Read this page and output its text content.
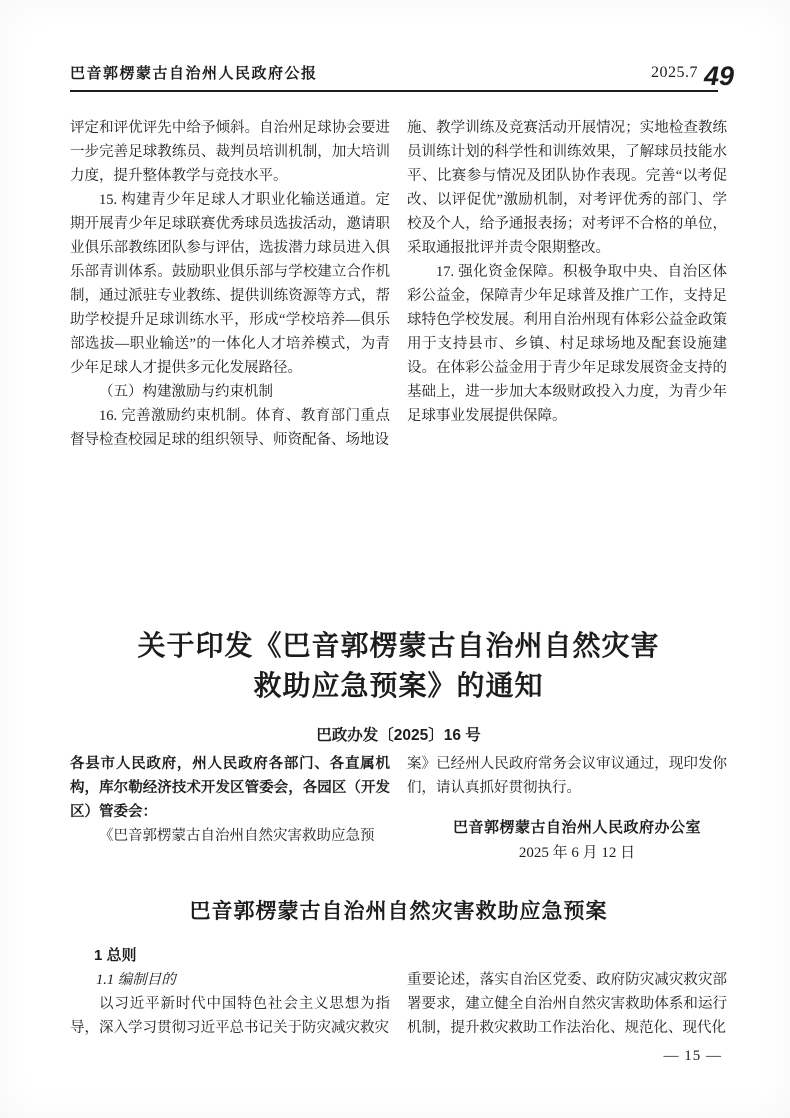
巴音郭楞蒙古自治州人民政府公报	2025.7 49

评定和评优评先中给予倾斜。自治州足球协会要进一步完善足球教练员、裁判员培训机制，加大培训力度，提升整体教学与竞技水平。

15. 构建青少年足球人才职业化输送通道。定期开展青少年足球联赛优秀球员选拔活动，邀请职业俱乐部教练团队参与评估，选拔潜力球员进入俱乐部青训体系。鼓励职业俱乐部与学校建立合作机制，通过派驻专业教练、提供训练资源等方式，帮助学校提升足球训练水平，形成“学校培养—俱乐部选拔—职业输送”的一体化人才培养模式，为青少年足球人才提供多元化发展路径。

（五）构建激励与约束机制

16. 完善激励约束机制。体育、教育部门重点督导检查校园足球的组织领导、师资配备、场地设

施、教学训练及竞赛活动开展情况；实地检查教练员训练计划的科学性和训练效果，了解球员技能水平、比赛参与情况及团队协作表现。完善“以考促改、以评促优”激励机制，对考评优秀的部门、学校及个人，给予通报表扬；对考评不合格的单位，采取通报批评并责令限期整改。

17. 强化资金保障。积极争取中央、自治区体彩公益金，保障青少年足球普及推广工作，支持足球特色学校发展。利用自治州现有体彩公益金政策用于支持县市、乡镇、村足球场地及配套设施建设。在体彩公益金用于青少年足球发展资金支持的基础上，进一步加大本级财政投入力度，为青少年足球事业发展提供保障。

关于印发《巴音郭楞蒙古自治州自然灾害
救助应急预案》的通知
巴政办发〔2025〕16 号

各县市人民政府，州人民政府各部门、各直属机构，库尔勒经济技术开发区管委会，各园区（开发区）管委会：

《巴音郭楞蒙古自治州自然灾害救助应急预

案》已经州人民政府常务会议审议通过，现印发你们，请认真抓好贯彻执行。

巴音郭楞蒙古自治州人民政府办公室
2025 年 6 月 12 日
巴音郭楞蒙古自治州自然灾害救助应急预案

1 总则

1.1 编制目的

以习近平新时代中国特色社会主义思想为指导，深入学习贯彻习近平总书记关于防灾减灾救灾

重要论述，落实自治区党委、政府防灾减灾救灾部署要求，建立健全自治州自然灾害救助体系和运行机制，提升救灾救助工作法治化、规范化、现代化

— 15 —
